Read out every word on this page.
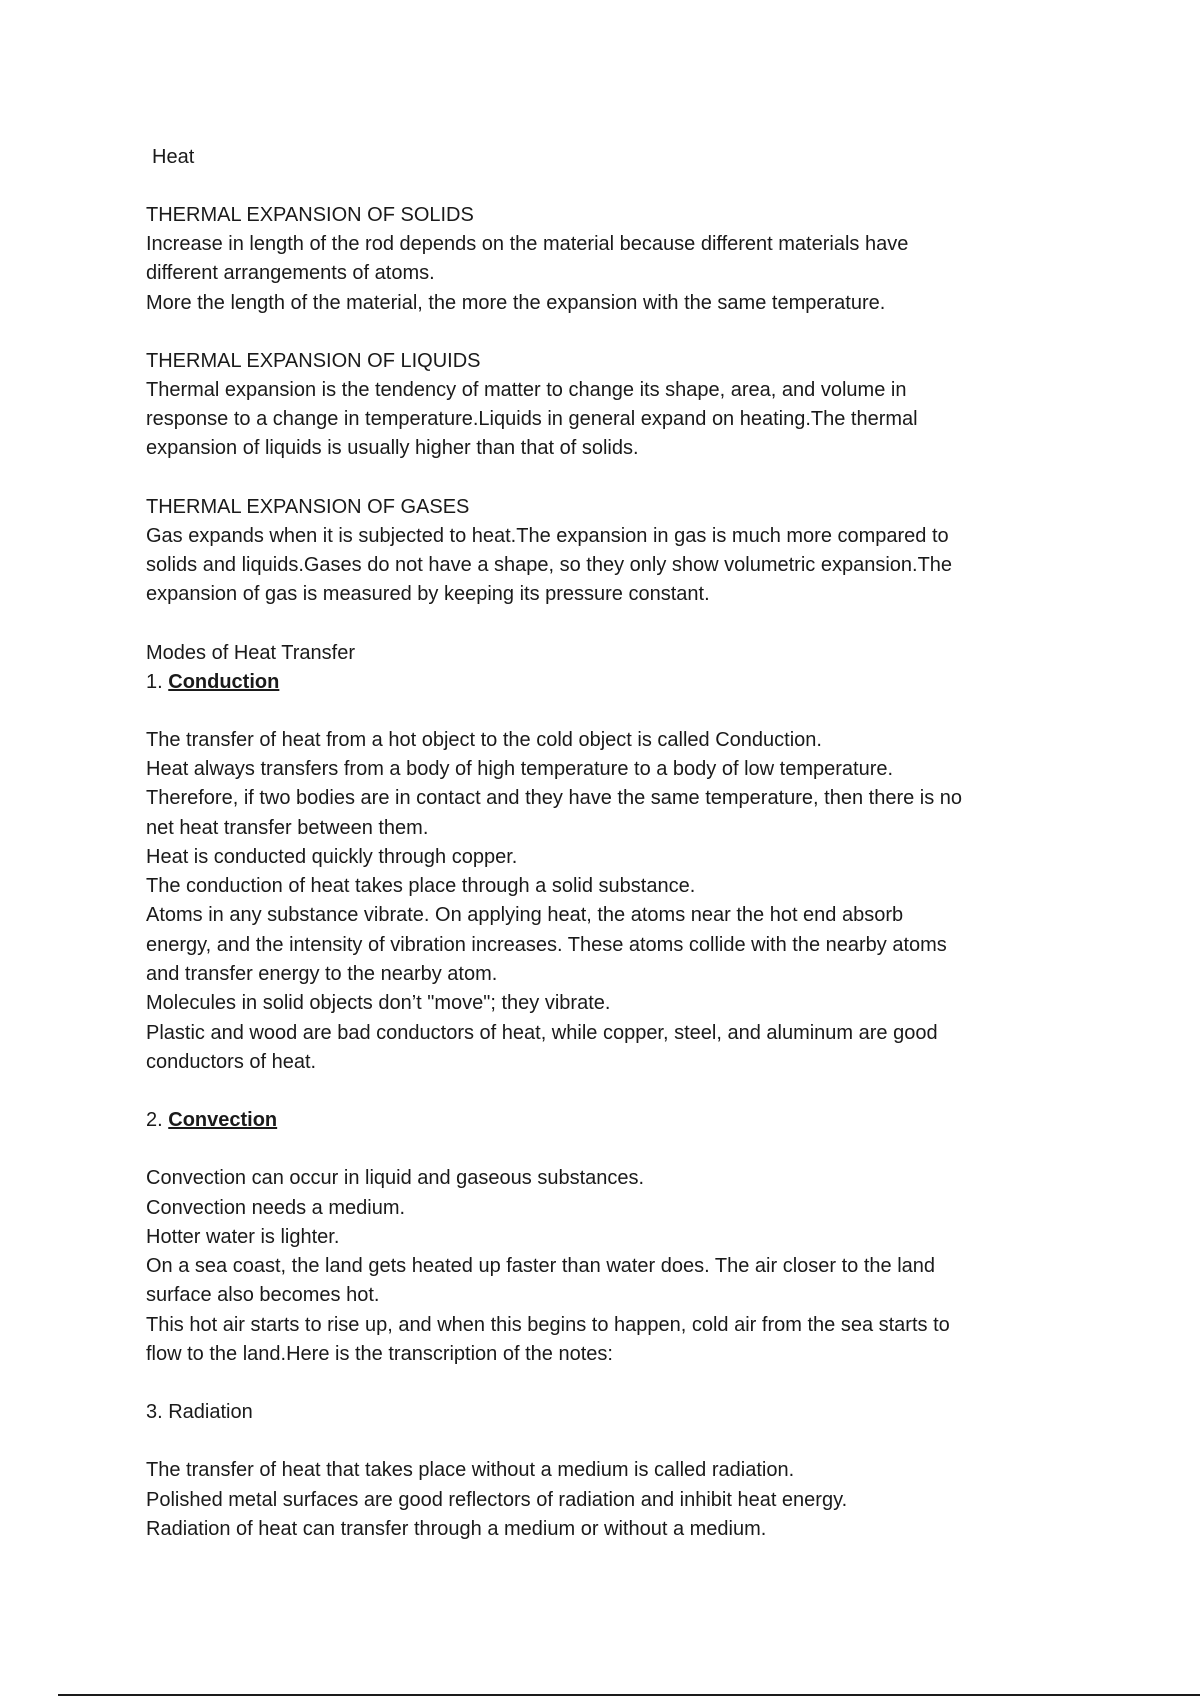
Heat
THERMAL EXPANSION OF SOLIDS
Increase in length of the rod depends on the material because different materials have
different arrangements of atoms.
More the length of the material, the more the expansion with the same temperature.
THERMAL EXPANSION OF LIQUIDS
Thermal expansion is the tendency of matter to change its shape, area, and volume in
response to a change in temperature.Liquids in general expand on heating.The thermal
expansion of liquids is usually higher than that of solids.
THERMAL EXPANSION OF GASES
Gas expands when it is subjected to heat.The expansion in gas is much more compared to
solids and liquids.Gases do not have a shape, so they only show volumetric expansion.The
expansion of gas is measured by keeping its pressure constant.
Modes of Heat Transfer
1. Conduction
The transfer of heat from a hot object to the cold object is called Conduction.
Heat always transfers from a body of high temperature to a body of low temperature.
Therefore, if two bodies are in contact and they have the same temperature, then there is no
net heat transfer between them.
Heat is conducted quickly through copper.
The conduction of heat takes place through a solid substance.
Atoms in any substance vibrate. On applying heat, the atoms near the hot end absorb
energy, and the intensity of vibration increases. These atoms collide with the nearby atoms
and transfer energy to the nearby atom.
Molecules in solid objects don’t "move"; they vibrate.
Plastic and wood are bad conductors of heat, while copper, steel, and aluminum are good
conductors of heat.
2. Convection
Convection can occur in liquid and gaseous substances.
Convection needs a medium.
Hotter water is lighter.
On a sea coast, the land gets heated up faster than water does. The air closer to the land
surface also becomes hot.
This hot air starts to rise up, and when this begins to happen, cold air from the sea starts to
flow to the land.Here is the transcription of the notes:
3. Radiation
The transfer of heat that takes place without a medium is called radiation.
Polished metal surfaces are good reflectors of radiation and inhibit heat energy.
Radiation of heat can transfer through a medium or without a medium.
